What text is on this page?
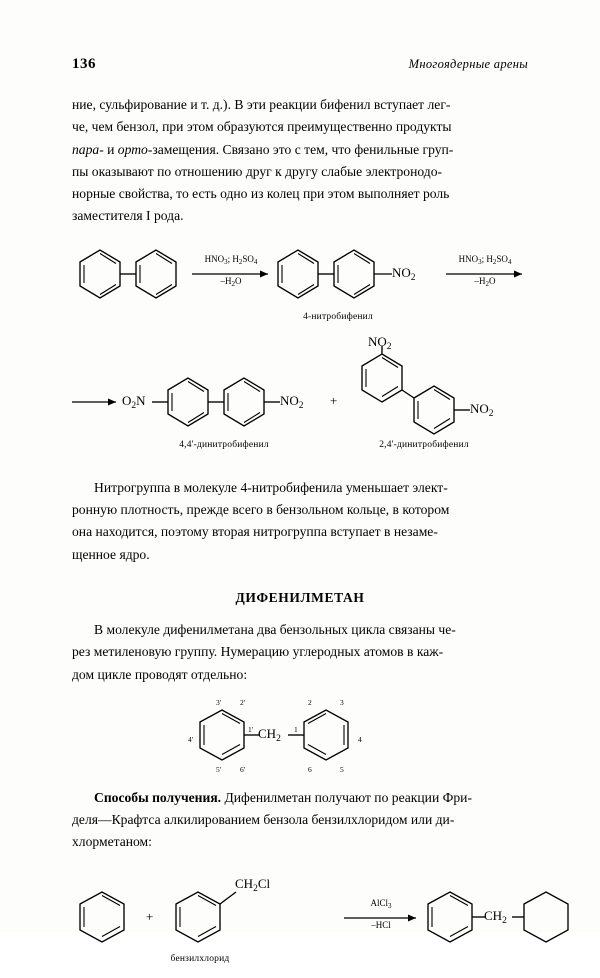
136	Многоядерные арены

ние, сульфирование и т. д.). В эти реакции бифенил вступает лег-

че, чем бензол, при этом образуются преимущественно продукты

пара- и орто-замещения. Связано это с тем, что фенильные груп-

пы оказывают по отношению друг к другу слабые электронодо-

норные свойства, то есть одно из колец при этом выполняет роль

заместителя I рода.

$HNO_3$; $H_2SO_4$
$-H_2O$
$NO_2$
$HNO_3$; $H_2SO_4$
$-H_2O$
4-нитробифенил
$O_2N$	$NO_2$ +
$NO_2$
$NO_2$
4,4'-динитробифенил	2,4'-динитробифенил

Нитрогруппа в молекуле 4-нитробифенила уменьшает элект-

ронную плотность, прежде всего в бензольном кольце, в котором

она находится, поэтому вторая нитрогруппа вступает в незаме-

щенное ядро.

ДИФЕНИЛМЕТАН

В молекуле дифенилметана два бензольных цикла связаны че-

рез метиленовую группу. Нумерацию углеродных атомов в каж-

дом цикле проводят отдельно:

3'	2'
1'
6'
5'
4'
2	3
4
5
6
1
$CH_2$

Способы получения. Дифенилметан получают по реакции Фри-

деля—Крафтса алкилированием бензола бензилхлоридом или ди-

хлорметаном:

+
$CH_2Cl$
AlCl$_3$
–HCl
бензилхлорид
$CH_2$
